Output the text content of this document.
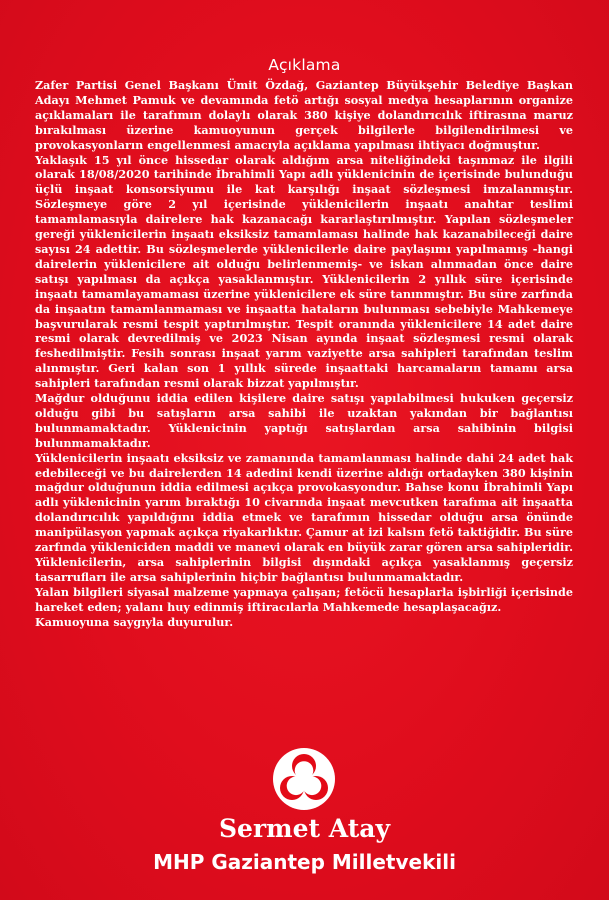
Açıklama

Zafer Partisi Genel Başkanı Ümit Özdağ, Gaziantep Büyükşehir Belediye Başkan Adayı Mehmet Pamuk ve devamında fetö artığı sosyal medya hesaplarının organize açıklamaları ile tarafımın dolaylı olarak 380 kişiye dolandırıcılık iftirasına maruz bırakılması üzerine kamuoyunun gerçek bilgilerle bilgilendirilmesi ve provokasyonların engellenmesi amacıyla açıklama yapılması ihtiyacı doğmuştur.

Yaklaşık 15 yıl önce hissedar olarak aldığım arsa niteliğindeki taşınmaz ile ilgili olarak 18/08/2020 tarihinde İbrahimli Yapı adlı yüklenicinin de içerisinde bulunduğu üçlü inşaat konsorsiyumu ile kat karşılığı inşaat sözleşmesi imzalanmıştır. Sözleşmeye göre 2 yıl içerisinde yüklenicilerin inşaatı anahtar teslimi tamamlamasıyla dairelere hak kazanacağı kararlaştırılmıştır. Yapılan sözleşmeler gereği yüklenicilerin inşaatı eksiksiz tamamlaması halinde hak kazanabileceği daire sayısı 24 adettir. Bu sözleşmelerde yüklenicilerle daire paylaşımı yapılmamış -hangi dairelerin yüklenicilere ait olduğu belirlenmemiş- ve iskan alınmadan önce daire satışı yapılması da açıkça yasaklanmıştır. Yüklenicilerin 2 yıllık süre içerisinde inşaatı tamamlayamaması üzerine yüklenicilere ek süre tanınmıştır. Bu süre zarfında da inşaatın tamamlanmaması ve inşaatta hataların bulunması sebebiyle Mahkemeye başvurularak resmi tespit yaptırılmıştır. Tespit oranında yüklenicilere 14 adet daire resmi olarak devredilmiş ve 2023 Nisan ayında inşaat sözleşmesi resmi olarak feshedilmiştir. Fesih sonrası inşaat yarım vaziyette arsa sahipleri tarafından teslim alınmıştır. Geri kalan son 1 yıllık sürede inşaattaki harcamaların tamamı arsa sahipleri tarafından resmi olarak bizzat yapılmıştır.

Mağdur olduğunu iddia edilen kişilere daire satışı yapılabilmesi hukuken geçersiz olduğu gibi bu satışların arsa sahibi ile uzaktan yakından bir bağlantısı bulunmamaktadır. Yüklenicinin yaptığı satışlardan arsa sahibinin bilgisi bulunmamaktadır.

Yüklenicilerin inşaatı eksiksiz ve zamanında tamamlanması halinde dahi 24 adet hak edebileceği ve bu dairelerden 14 adedini kendi üzerine aldığı ortadayken 380 kişinin mağdur olduğunun iddia edilmesi açıkça provokasyondur. Bahse konu İbrahimli Yapı adlı yüklenicinin yarım bıraktığı 10 civarında inşaat mevcutken tarafıma ait inşaatta dolandırıcılık yapıldığını iddia etmek ve tarafımın hissedar olduğu arsa önünde manipülasyon yapmak açıkça riyakarlıktır. Çamur at izi kalsın fetö taktiğidir. Bu süre zarfında yükleniciden maddi ve manevi olarak en büyük zarar gören arsa sahipleridir. Yüklenicilerin, arsa sahiplerinin bilgisi dışındaki açıkça yasaklanmış geçersiz tasarrufları ile arsa sahiplerinin hiçbir bağlantısı bulunmamaktadır.

Yalan bilgileri siyasal malzeme yapmaya çalışan; fetöcü hesaplarla işbirliği içerisinde hareket eden; yalanı huy edinmiş iftiracılarla Mahkemede hesaplaşacağız.

Kamuoyuna saygıyla duyurulur.

Sermet Atay
MHP Gaziantep Milletvekili
